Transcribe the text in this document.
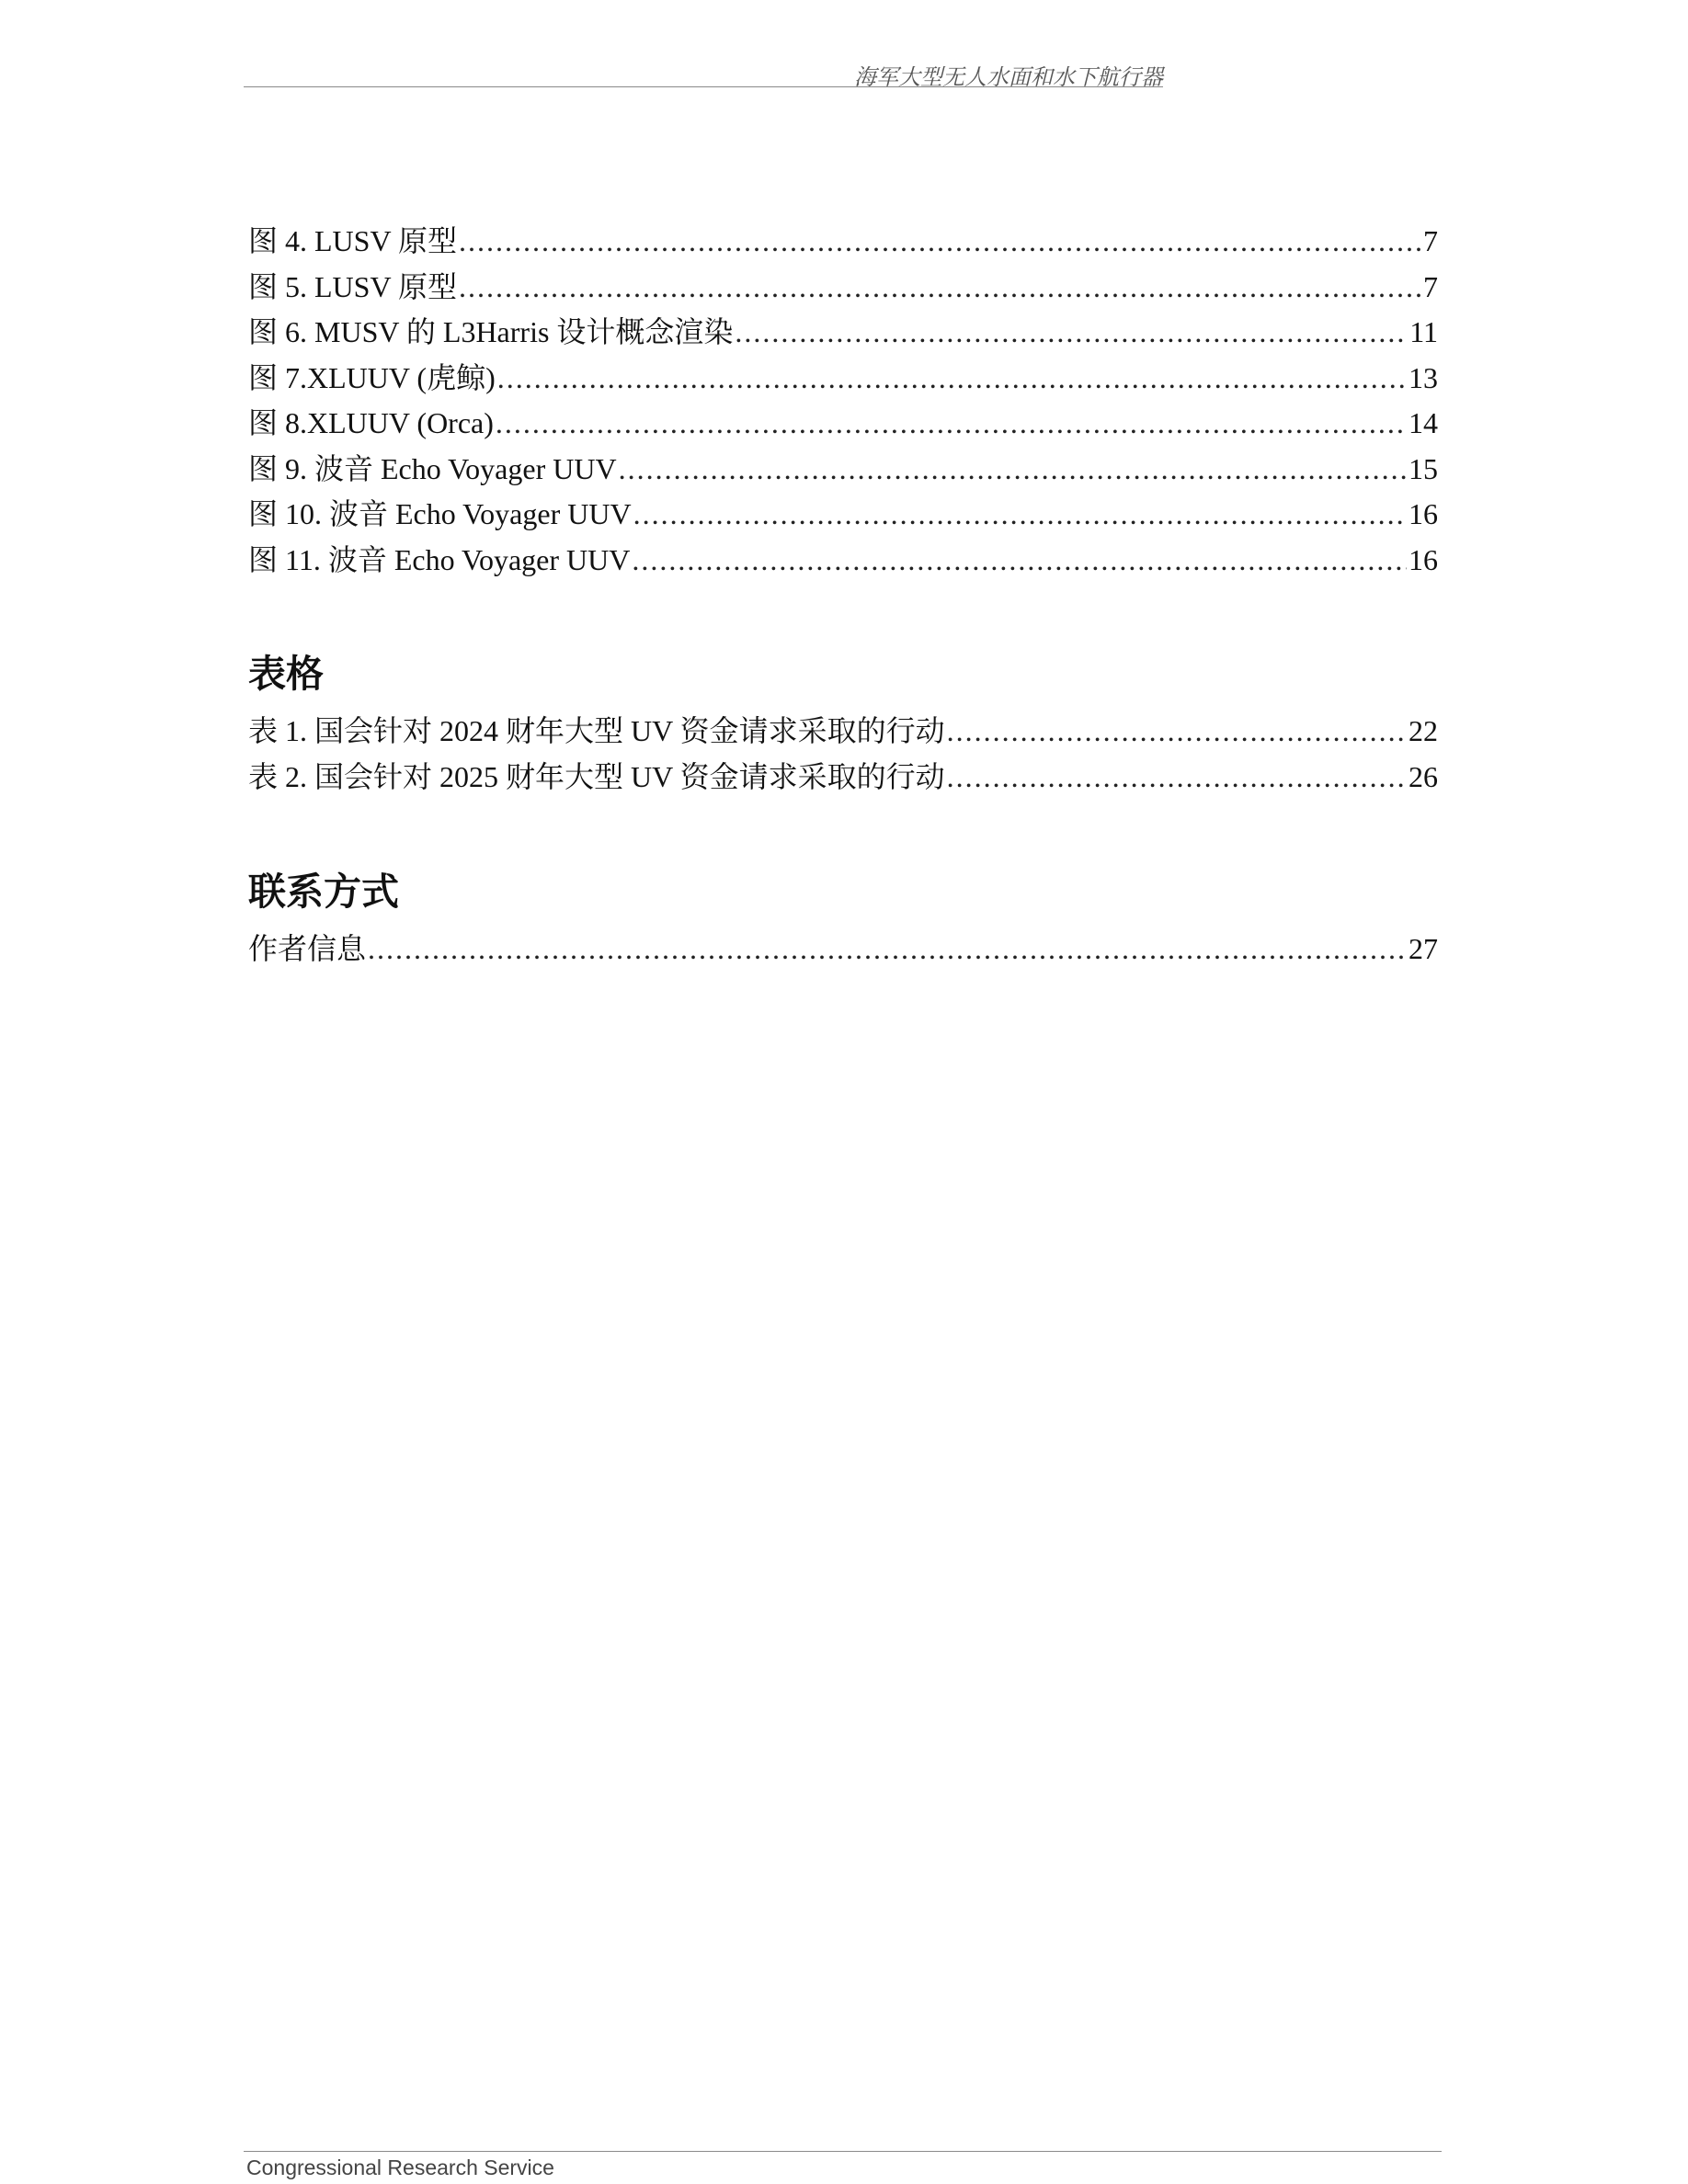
海军大型无人水面和水下航行器
图 4. LUSV 原型 .....	7
图 5. LUSV 原型 .....	7
图 6. MUSV 的 L3Harris 设计概念渲染 .....	11
图 7.XLUUV (虎鲸) .....	13
图 8.XLUUV (Orca) .....	14
图 9. 波音 Echo Voyager UUV .....	15
图 10. 波音 Echo Voyager UUV .....	16
图 11. 波音 Echo Voyager UUV .....	16
表格
表 1. 国会针对 2024 财年大型 UV 资金请求采取的行动 .....	22
表 2. 国会针对 2025 财年大型 UV 资金请求采取的行动 .....	26
联系方式
作者信息 .....	27
Congressional Research Service
